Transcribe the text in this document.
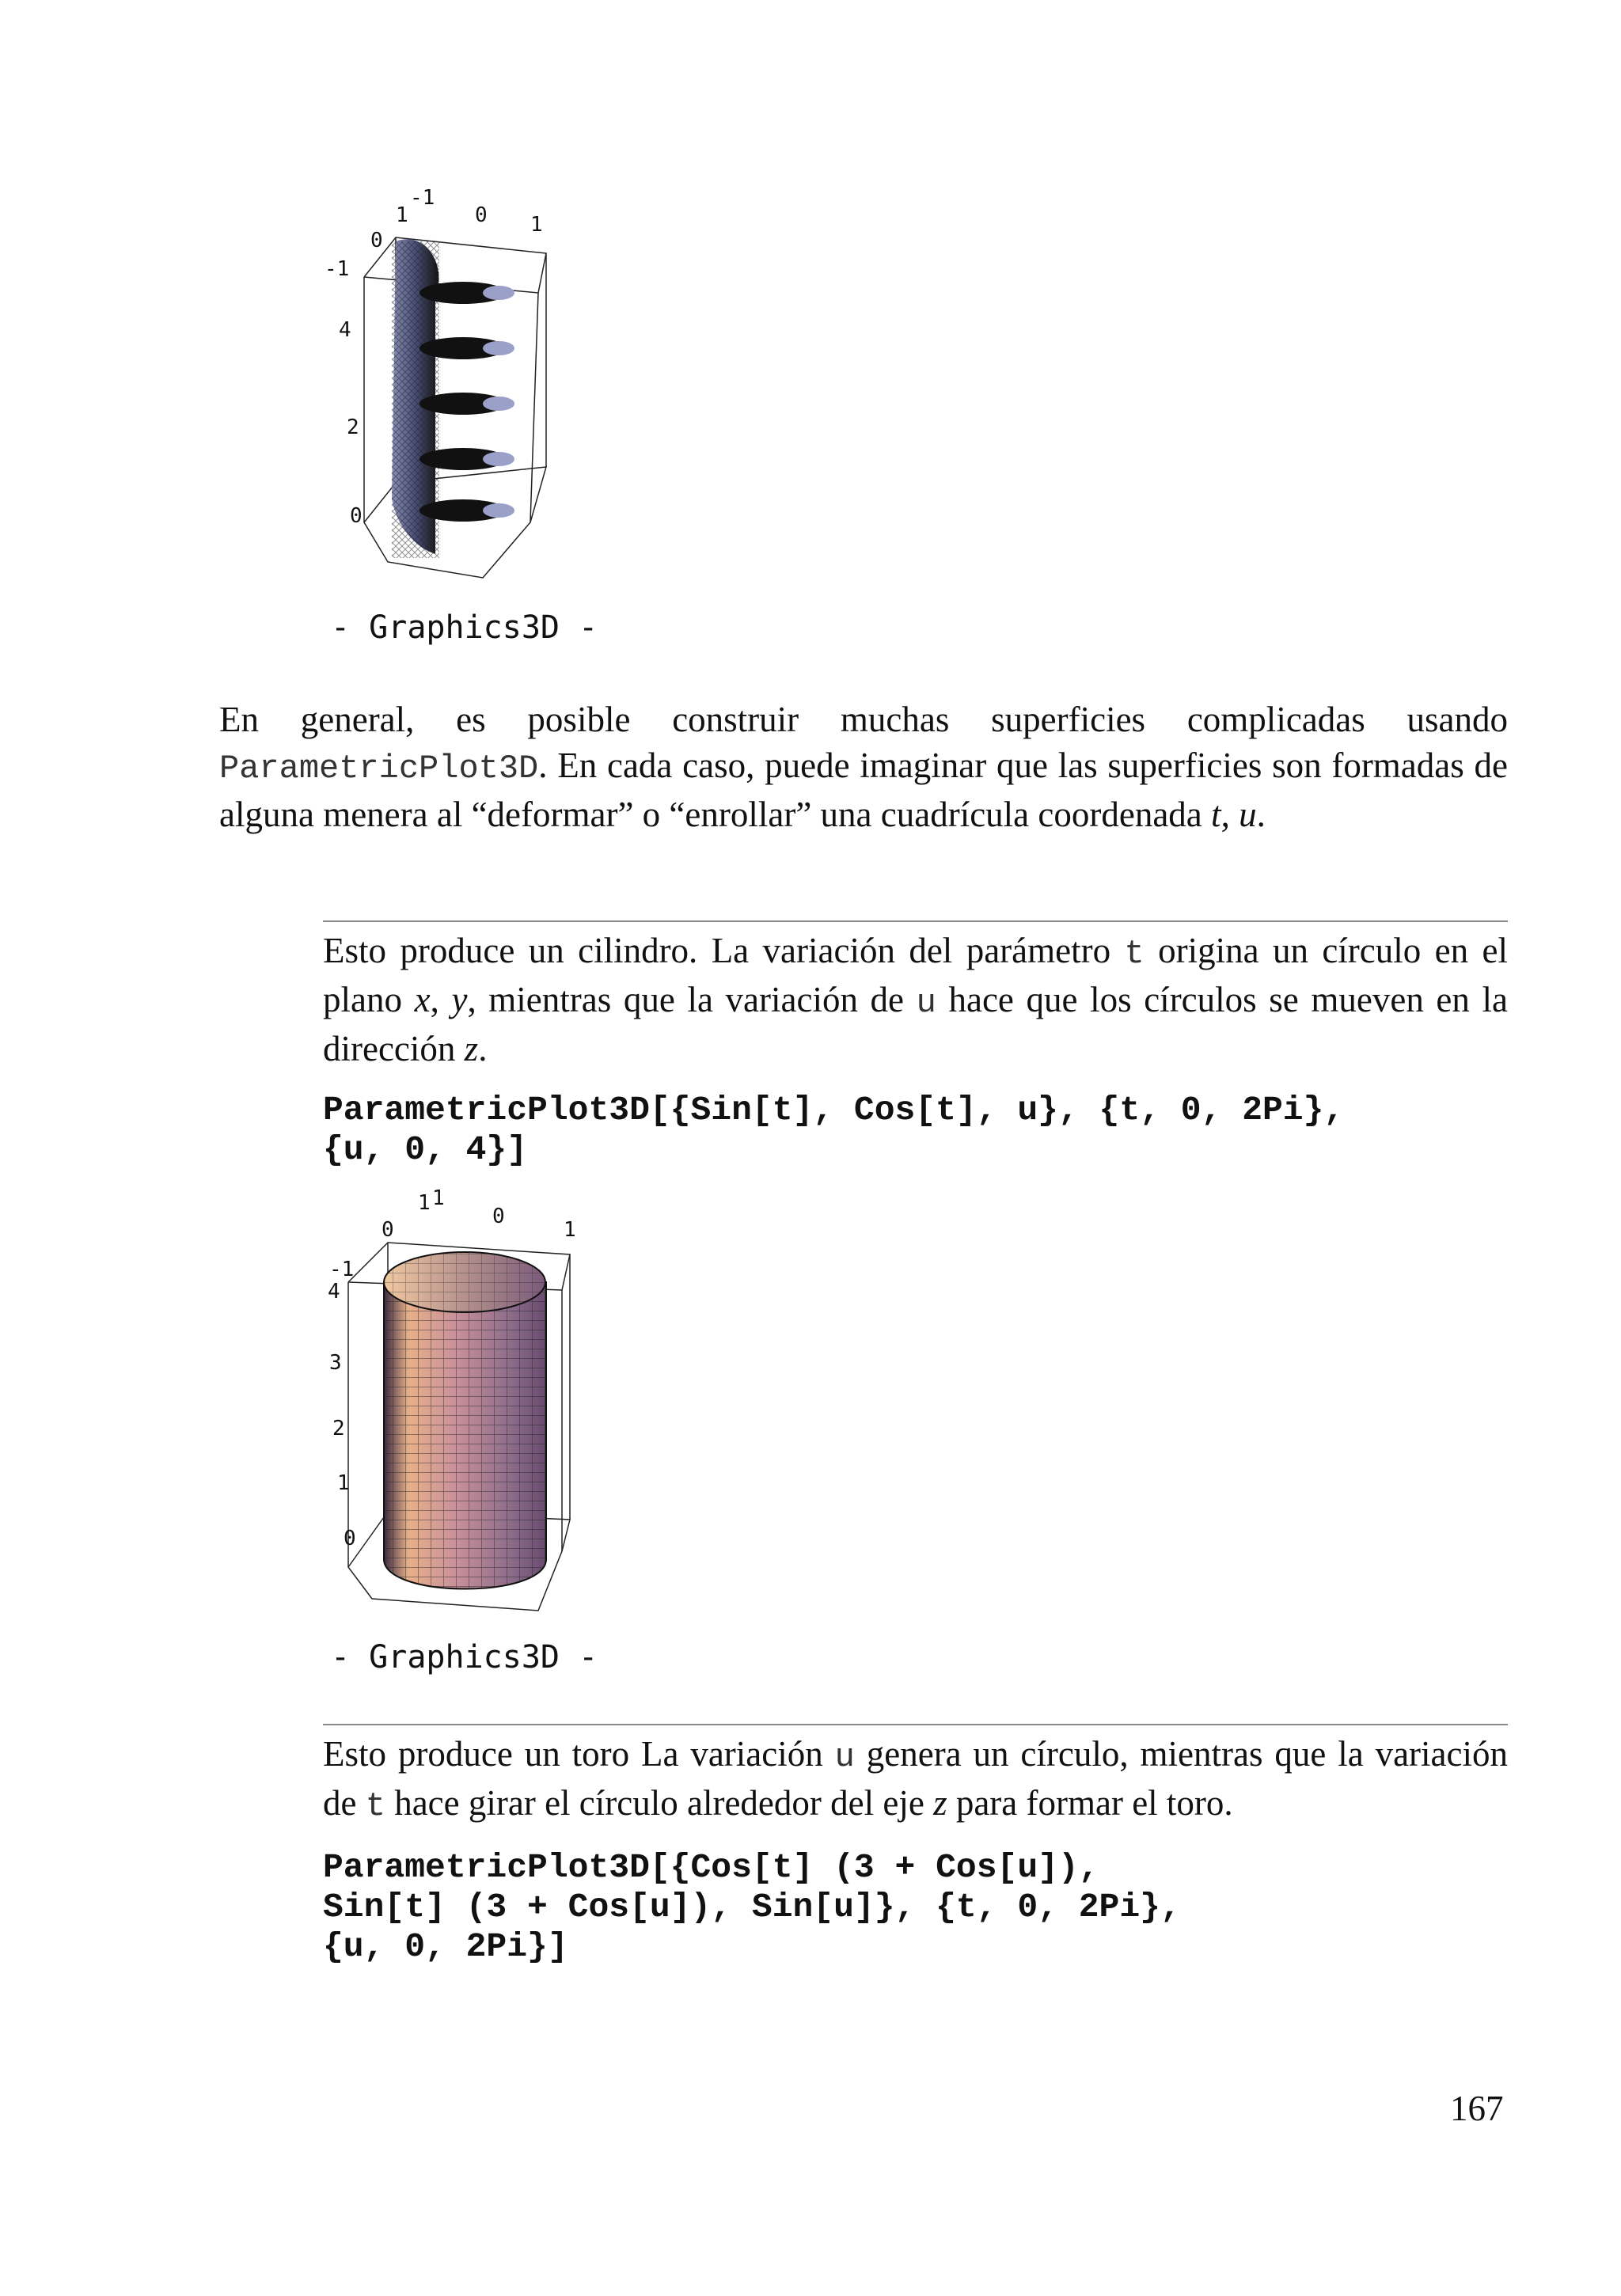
-1
1	0 1
0
-1
4
2
0
- Graphics3D -
En general, es posible construir muchas superficies complicadas usando ParametricPlot3D. En cada caso, puede imaginar que las superficies son formadas de alguna menera al “deformar” o “enrollar” una cuadrícula coordenada t, u.
Esto produce un cilindro. La variación del parámetro t origina un círculo en el plano x, y, mientras que la variación de u hace que los círculos se mueven en la dirección z.
ParametricPlot3D[{Sin[t], Cos[t], u}, {t, 0, 2Pi},
{u, 0, 4}]
1 1
0
0	1
-1
4
3
2
1
0
- Graphics3D -
Esto produce un toro La variación u genera un círculo, mientras que la variación de t hace girar el círculo alrededor del eje z para formar el toro.
ParametricPlot3D[{Cos[t] (3 + Cos[u]),
Sin[t] (3 + Cos[u]), Sin[u]}, {t, 0, 2Pi},
{u, 0, 2Pi}]
167
